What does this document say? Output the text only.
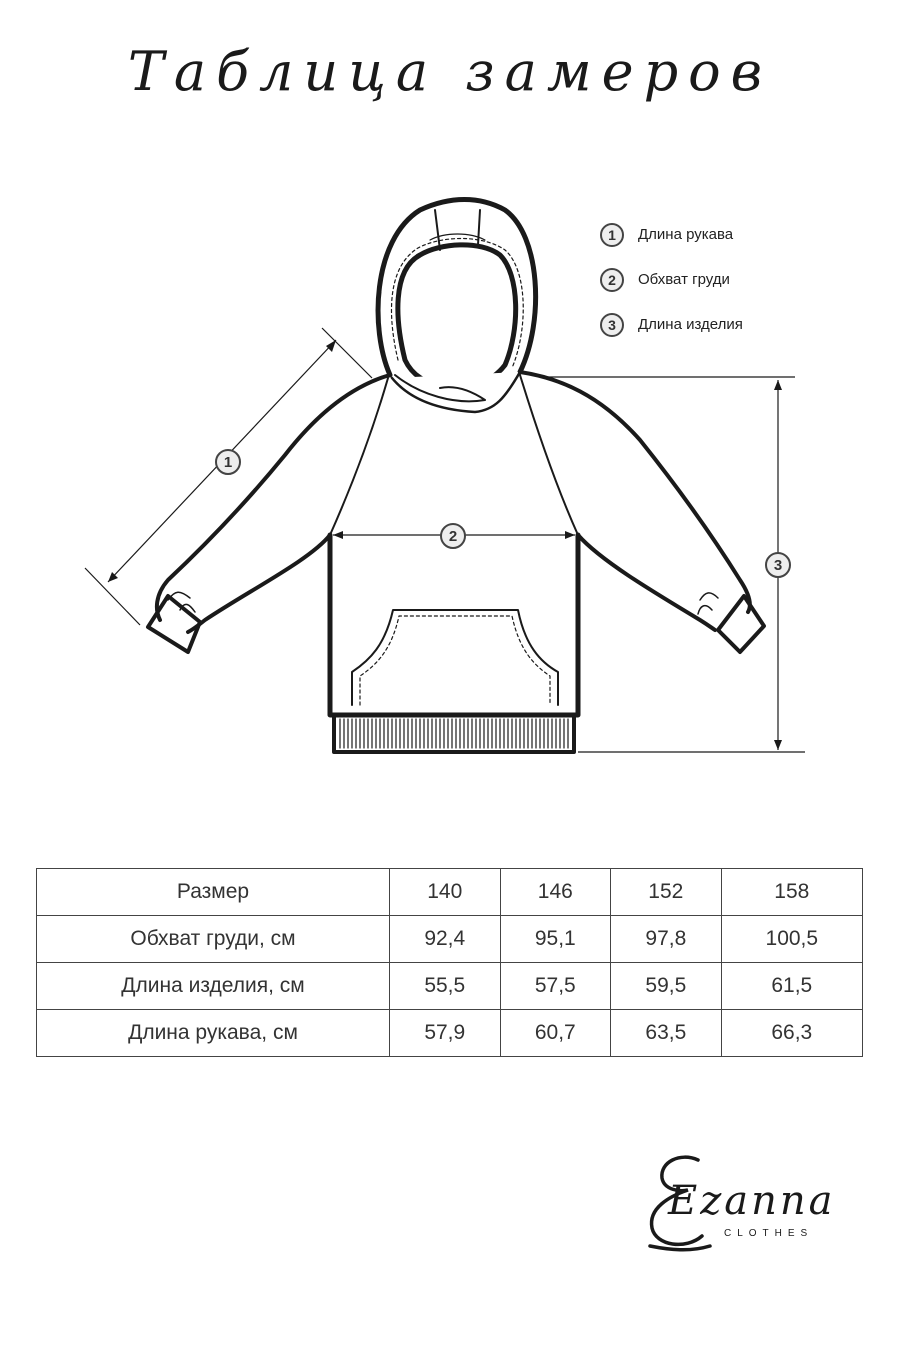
Таблица замеров
1
2
3
1	Длина рукава
2	Обхват груди
3	Длина изделия
Размер	140	146	152	158
Обхват груди, см	92,4	95,1	97,8	100,5
Длина изделия, см	55,5	57,5	59,5	61,5
Длина рукава, см	57,9	60,7	63,5	66,3
Ezanna
CLOTHES
